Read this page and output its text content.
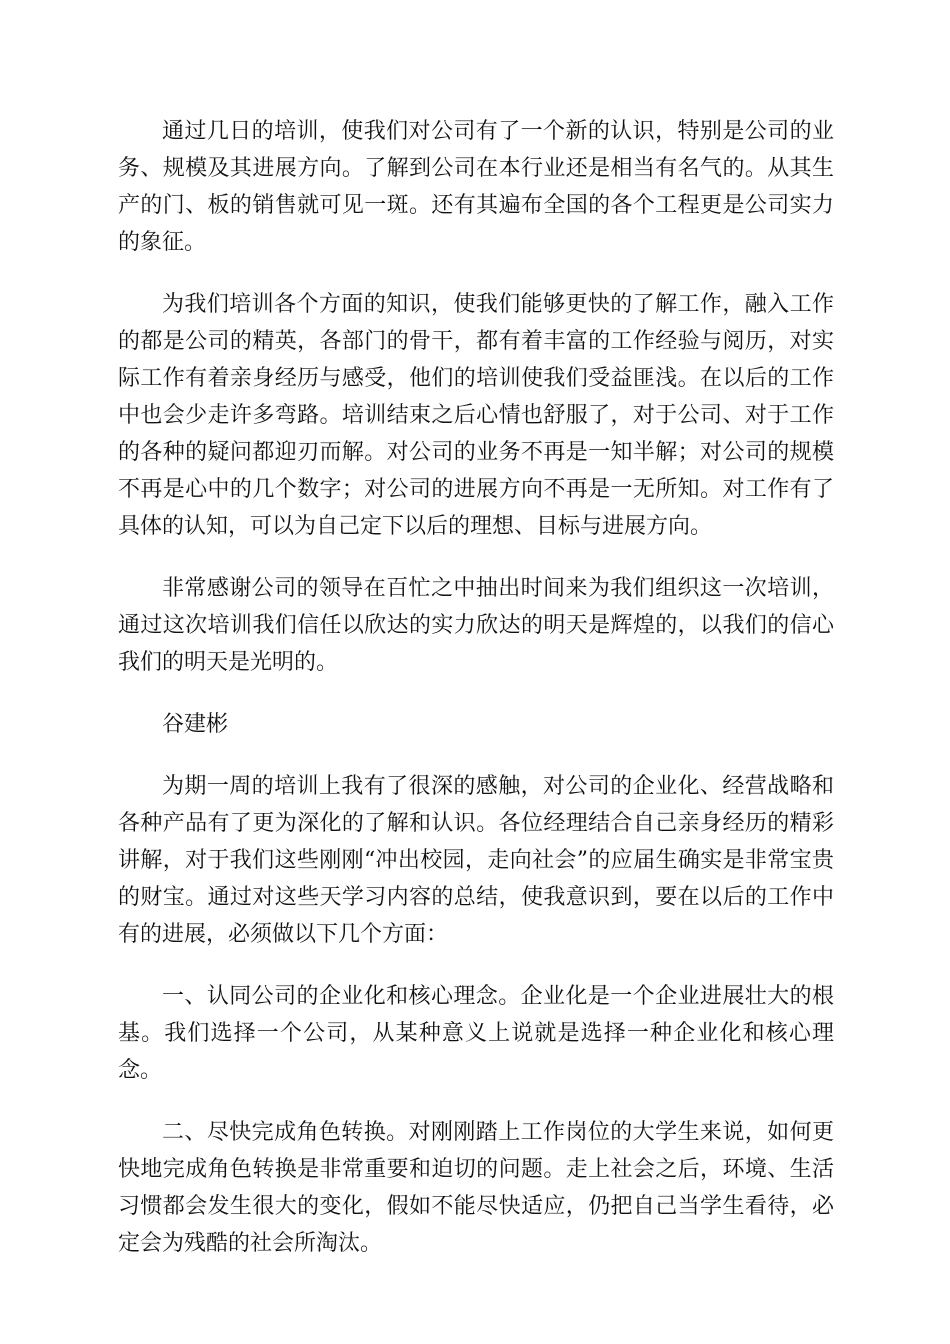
通过几日的培训，使我们对公司有了一个新的认识，特别是公司的业务、规模及其进展方向。了解到公司在本行业还是相当有名气的。从其生产的门、板的销售就可见一斑。还有其遍布全国的各个工程更是公司实力的象征。

为我们培训各个方面的知识，使我们能够更快的了解工作，融入工作的都是公司的精英，各部门的骨干，都有着丰富的工作经验与阅历，对实际工作有着亲身经历与感受，他们的培训使我们受益匪浅。在以后的工作中也会少走许多弯路。培训结束之后心情也舒服了，对于公司、对于工作的各种的疑问都迎刃而解。对公司的业务不再是一知半解；对公司的规模不再是心中的几个数字；对公司的进展方向不再是一无所知。对工作有了具体的认知，可以为自己定下以后的理想、目标与进展方向。

非常感谢公司的领导在百忙之中抽出时间来为我们组织这一次培训，通过这次培训我们信任以欣达的实力欣达的明天是辉煌的，以我们的信心我们的明天是光明的。

谷建彬

为期一周的培训上我有了很深的感触，对公司的企业化、经营战略和各种产品有了更为深化的了解和认识。各位经理结合自己亲身经历的精彩讲解，对于我们这些刚刚“冲出校园，走向社会”的应届生确实是非常宝贵的财宝。通过对这些天学习内容的总结，使我意识到，要在以后的工作中有的进展，必须做以下几个方面：

一、认同公司的企业化和核心理念。企业化是一个企业进展壮大的根基。我们选择一个公司，从某种意义上说就是选择一种企业化和核心理念。

二、尽快完成角色转换。对刚刚踏上工作岗位的大学生来说，如何更快地完成角色转换是非常重要和迫切的问题。走上社会之后，环境、生活习惯都会发生很大的变化，假如不能尽快适应，仍把自己当学生看待，必定会为残酷的社会所淘汰。
